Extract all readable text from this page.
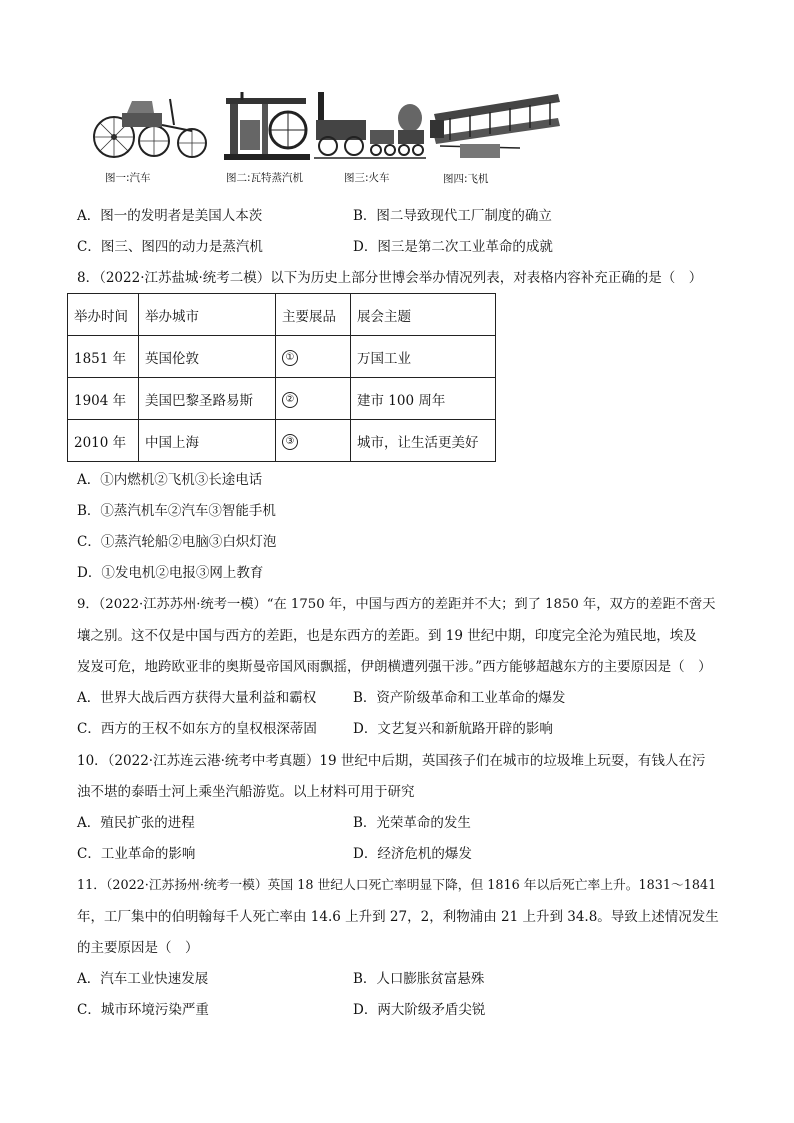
图一:汽车	图二:瓦特蒸汽机	图三:火车	图四:飞机
A．图一的发明者是美国人本茨	B．图二导致现代工厂制度的确立
C．图三、图四的动力是蒸汽机	D．图三是第二次工业革命的成就
8．（2022·江苏盐城·统考二模）以下为历史上部分世博会举办情况列表，对表格内容补充正确的是（　）
举办时间	举办城市	主要展品	展会主题
1851 年	英国伦敦	①	万国工业
1904 年	美国巴黎圣路易斯	②	建市 100 周年
2010 年	中国上海	③	城市，让生活更美好
A．①内燃机②飞机③长途电话
B．①蒸汽机车②汽车③智能手机
C．①蒸汽轮船②电脑③白炽灯泡
D．①发电机②电报③网上教育
9．（2022·江苏苏州·统考一模）“在 1750 年，中国与西方的差距并不大；到了 1850 年，双方的差距不啻天
壤之别。这不仅是中国与西方的差距，也是东西方的差距。到 19 世纪中期，印度完全沦为殖民地，埃及
岌岌可危，地跨欧亚非的奥斯曼帝国风雨飘摇，伊朗横遭列强干涉。”西方能够超越东方的主要原因是（　）
A．世界大战后西方获得大量利益和霸权	B．资产阶级革命和工业革命的爆发
C．西方的王权不如东方的皇权根深蒂固	D．文艺复兴和新航路开辟的影响
10．（2022·江苏连云港·统考中考真题）19 世纪中后期，英国孩子们在城市的垃圾堆上玩耍，有钱人在污
浊不堪的泰晤士河上乘坐汽船游览。以上材料可用于研究
A．殖民扩张的进程	B．光荣革命的发生
C．工业革命的影响	D．经济危机的爆发
11．（2022·江苏扬州·统考一模）英国 18 世纪人口死亡率明显下降，但 1816 年以后死亡率上升。1831～1841
年，工厂集中的伯明翰每千人死亡率由 14.6 上升到 27，2，利物浦由 21 上升到 34.8。导致上述情况发生
的主要原因是（　）
A．汽车工业快速发展	B．人口膨胀贫富悬殊
C．城市环境污染严重	D．两大阶级矛盾尖锐
